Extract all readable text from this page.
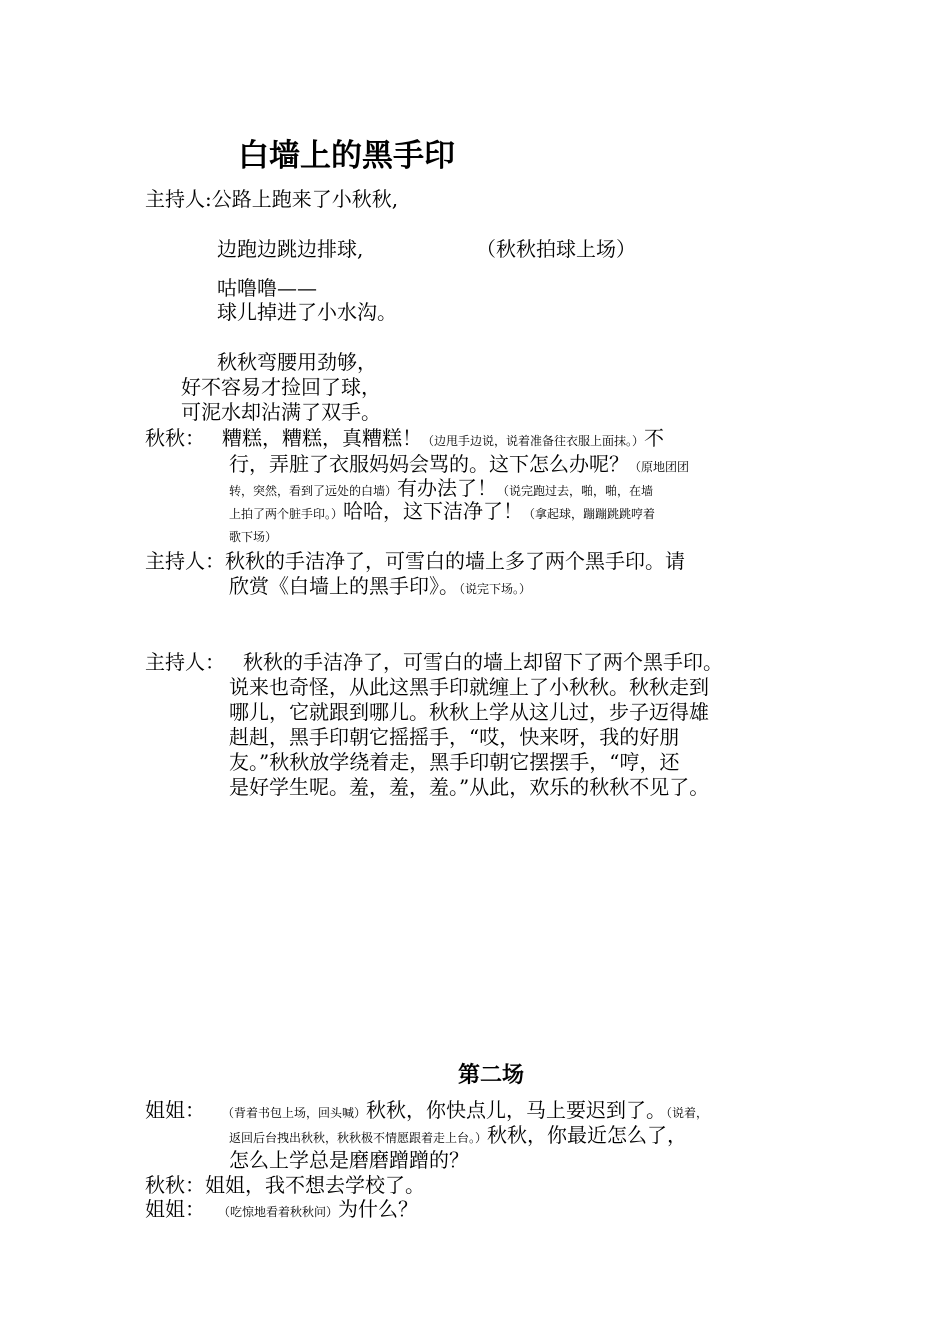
白墙上的黑手印
主持人:公路上跑来了小秋秋,
边跑边跳边排球,	（秋秋拍球上场）
咕噜噜——
球儿掉进了小水沟。
秋秋弯腰用劲够，
好不容易才捡回了球，
可泥水却沾满了双手。
秋秋： 糟糕，糟糕，真糟糕！（边甩手边说，说着准备往衣服上面抹。）不
行，弄脏了衣服妈妈会骂的。这下怎么办呢？（原地团团
转，突然，看到了远处的白墙）有办法了！（说完跑过去，啪，啪，在墙
上拍了两个脏手印。）哈哈，这下洁净了！（拿起球，蹦蹦跳跳哼着
歌下场）
主持人：秋秋的手洁净了，可雪白的墙上多了两个黑手印。请
欣赏《白墙上的黑手印》。（说完下场。）
主持人： 秋秋的手洁净了，可雪白的墙上却留下了两个黑手印。
说来也奇怪，从此这黑手印就缠上了小秋秋。秋秋走到
哪儿，它就跟到哪儿。秋秋上学从这儿过，步子迈得雄
赳赳，黑手印朝它摇摇手，“哎，快来呀，我的好朋
友。”秋秋放学绕着走，黑手印朝它摆摆手，“哼，还
是好学生呢。羞，羞，羞。”从此，欢乐的秋秋不见了。
第二场
姐姐： （背着书包上场，回头喊）秋秋，你快点儿，马上要迟到了。（说着，
返回后台拽出秋秋，秋秋极不情愿跟着走上台。）秋秋，你最近怎么了，
怎么上学总是磨磨蹭蹭的？
秋秋：姐姐，我不想去学校了。
姐姐： （吃惊地看着秋秋问）为什么？
